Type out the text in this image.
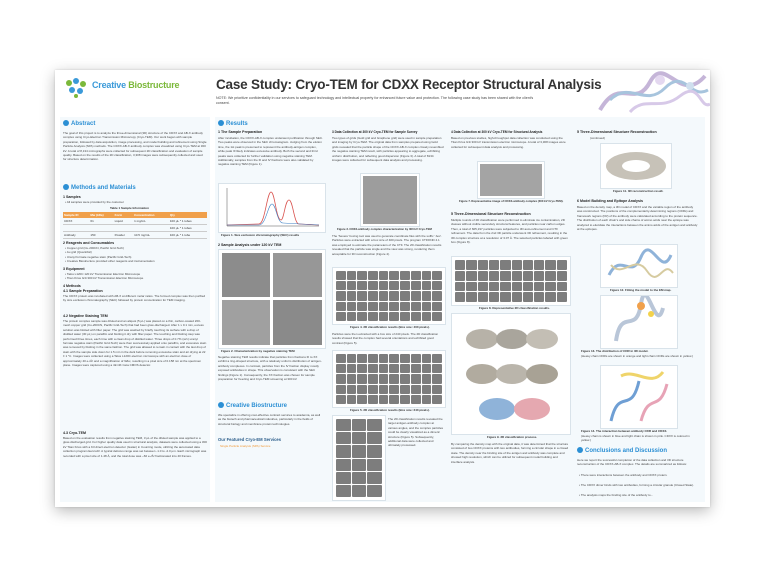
Creative Biostructure	Case Study: Cryo-TEM for CDXX Receptor Structural Analysis
NOTE: We prioritize confidentiality in our services to safeguard technology and intellectual property for enhanced future value and protection. The following case study has been shared with the client's consent.
Abstract
The goal of this project is to analyze the three-dimensional (3D) structure of the CDXX and AB-X antibody complex using Cryo-Electron Transmission Microscopy (Cryo-TEM). Our work began with sample preparation, followed by data acquisition, image processing, and model building and refinement using Single Particle Analysis (SPA) methods. The CDXX-AB-X antibody complex was visualized using Cryo-TEM at 300 kV. A total of 8,134 micrographs were collected for subsequent 2D classification and evaluation of sample quality. Based on the results of the 2D classification, 3,308 images were subsequently collected and used for structure determination.
Methods and Materials
1 Samples
• All samples were provided by the customer
Table 1 Sample Information
Sample ID	Mw (kDa)	Form	Concentration	Qty
CDXX	61	Liquid	1 mg/mL	100 μL * 1 tubes
				100 μL * 1 tubes
Antibody	150	Powder	10.5 mg/mL	100 μL * 1 tube
2 Reagents and Consumables
• Copper grid (Cu-200CN, Pacific Grid-Tech)
• Au grid (Quantifoil)
• Uranyl formate negative stain (Pacific Grid-Tech)
• Creative Biostructure provided other reagents and instrumentation
3 Equipment
• Talos L120C 120 kV Transmission Electron Microscope
• Titan Krios G3i 300 kV Transmission Electron Microscope
4 Methods
4.1 Sample Preparation
The CDXX protein was incubated with AB-X at different molar ratios. The formed complex was then purified by size exclusion chromatography (SEC) followed by protein concentration for TEM imaging.
4.2 Negative Staining TEM
The protein complex sample was diluted and an aliquot (5 μL) was placed on a thin, carbon-coated 200-mesh copper grid (Cu-200CN, Pacific Grid-Tech) that had been glow-discharged. After 1 x 0.1 min, excess solution was blotted with filter paper. The grid was washed by briefly touching its surface with a drop of distilled water (30 μL) on parafilm and blotting it dry with filter paper. The touching and blotting step was performed three times, each time with a clean drop of distilled water. Three drops of 0.7% (w/v) uranyl formate negative stain (Pacific Grid-Tech) were then successively applied onto parafilm, and excessive stain was removed by blotting in the same fashion. The grid was allowed to remain in contact with the last drop of stain with the sample side down for 1.5 min in the dark before removing excessive stain and air drying at 22 ± 1 °C. Images were collected using a Talos L120C electron microscope with an electron dose of approximately 40 e-/Å² and a magnification of 92kx, resulting in a pixel size of 0.158 nm at the specimen plane. Images were captured using a 4k×4K Ceta CMOS detector.
4.3 Cryo-TEM
Based on the evaluation results from negative staining TEM, 3 μL of the diluted sample was applied to a glow-discharged grid. For higher quality data used in structural analysis, datasets were collected using a 300 kV Titan Krios with a K3 direct electron detector (Gatan) in Counting mode, utilizing the automated data collection program EerxxxR. A typical defocus range was set between -1.0 to -2.0 μm. Each micrograph was recorded with a pixel size of 1.48 Å, and the total dose was ~60 e-/Å² fractionated into 40 frames.
Results
1 The Sample Preparation
After incubation, the CDXX-AB-X complex underwent purification through SEC. Two peaks were observed in the SEC chromatogram. Judging from the elution time, the 1st peak is presumed to represent the antibody-antigen complex, while peak III likely indicates excessive antibody. Both the second and third peaks were collected for further validation using negative staining TEM. Additionally, samples from the III and IV fractions were also validated by negative staining TEM (Figure 1).
Figure 1. Size exclusion chromatography (SEC) results
2 Sample Analysis under 120 kV TEM
Figure 2. Characterization by negative staining TEM
Negative staining TEM results indicate that particles from fractions III to XX exhibit a ring-shaped structure, with a relatively uniform distribution of antigen-antibody complexes. In contrast, particles from the IV fraction display mostly exposed antibodies in shape. This observation is consistent with the SEC findings (Figure 1). Consequently, the XX fraction was chosen for sample preparation for freezing and Cryo-TEM screening at 300 kV.
Creative Biostructure
We specialize in offering cost-effective contract services to academia, as well as the biotech and pharmaceutical industries, particularly in the fields of structural biology and membrane protein technologies.
Our Featured Cryo-EM Services
Single Particle Analysis (SPA) Service
3 Data Collection at 300 kV Cryo-TEM for Sample Survey
Two types of grids (Gold grid and Graphene grid) were used in sample preparation and imaging by Cryo-TEM. The original data from samples prepared using Gold grids revealed that the particle shape of the CDXX-AB-X complex closely resembled the negative staining TEM result, with particles appearing to aggregate, exhibiting uniform distribution, and reflecting good dispersion (Figure 3). A total of 8134 images were collected for subsequent data analysis and processing.
Figure 3. CDXX-antibody complex characterization by 300 kV Cryo-TEM
The 'Severe' boxing tool was used to generate coordinate files with the suffix '.box'. Particles were extracted with a box size of 400 pixels. The program CTFFIND 4.1 was employed to estimate the parameters of the CTF. The 2D classification results revealed that the particle was single and the view was strong, rendering them acceptable for 3D reconstruction (Figure 4).
Figure 4. 2D classification results (Box size: 400 pixels).
Particles were then extracted with a box size of 240 pixels. The 2D classification results showed that the complex had several orientations and exhibited good contrast (Figure 5).
Figure 5. 2D classification results (Box size: 240 pixels).
The 2D classification results revealed the target antigen-antibody complex at various angles, and the complex particles could be clearly visualized as a dimeric structure (Figure 5). Subsequently, additional data were collected and ultimately processed.
4 Data Collection at 300 kV Cryo-TEM for Structural Analysis
Based on previous studies, high-throughput data collection was conducted using the Titan Krios G3i 300 kV transmission electron microscope. A total of 3,308 images were collected for subsequent data analysis and processing.
Figure 7. Representative image of CDXX-antibody complex (300 kV Cryo-TEM).
5 Three-Dimensional Structure Reconstruction
Multiple rounds of 2D classification were performed to eliminate ice contamination, 2D classes without visible secondary structural features, and particles near carbon edges. Then, a total of 605,197 particles were subjected to 3D auto-refinement and CTF refinement. The data from the 2nd 3D particle underwent 3D refinement, resulting in the 3D complex structure at a resolution of 3.07 Å. The selected particles labeled with green box (Figure 8).
Figure 8. Representative 2D classification results.
Figure 9. 3D classification process.
By comparing the density map with the original data, it was determined that the structure consisted of two CDXX proteins with two antibodies, forming a circular shape in a closed state. The density near the binding site of the antigen and antibody was complete and showed high resolution, which can be utilized for subsequent model building and interface analysis.
5 Three-Dimensional Structure Reconstruction
(continued)
Figure 11. 3D reconstruction result.
6 Model Building and Epitope Analysis
Based on the density map, a 3D model of CDXX and the variable region of the antibody was constructed. The positions of the complementarity-determining regions (CDRs) and framework regions (FR) of the antibody were calculated according to the protein sequence. The distribution of each chain's and side chains of amino acids near the epitope was analyzed to elucidate the interactions between the amino acids of the antigen and antibody at the epitopes.
Figure 12. Fitting the model to the EM map.
Figure 13. The distribution of CDR in 3D model.
(Heavy chain CDRs are shown in orange and light chain CDRs are shown in yellow.)
Figure 14. The interaction between antibody CDR and CDXX.
(Heavy chain is shown in blue and light chain is shown in pink. CDXX is colored in yellow.)
Conclusions and Discussion
Here we report the successful completion of the data collection and 3D structure reconstruction of the CDXX-AB-X complex. The details are summarized as follows:
• There were interactions between the antibody and CDXX protein.
• The CDXX dimer binds with two antibodies, forming a circular granule (Closed State).
• The analysis maps the binding site of the antibody to...
